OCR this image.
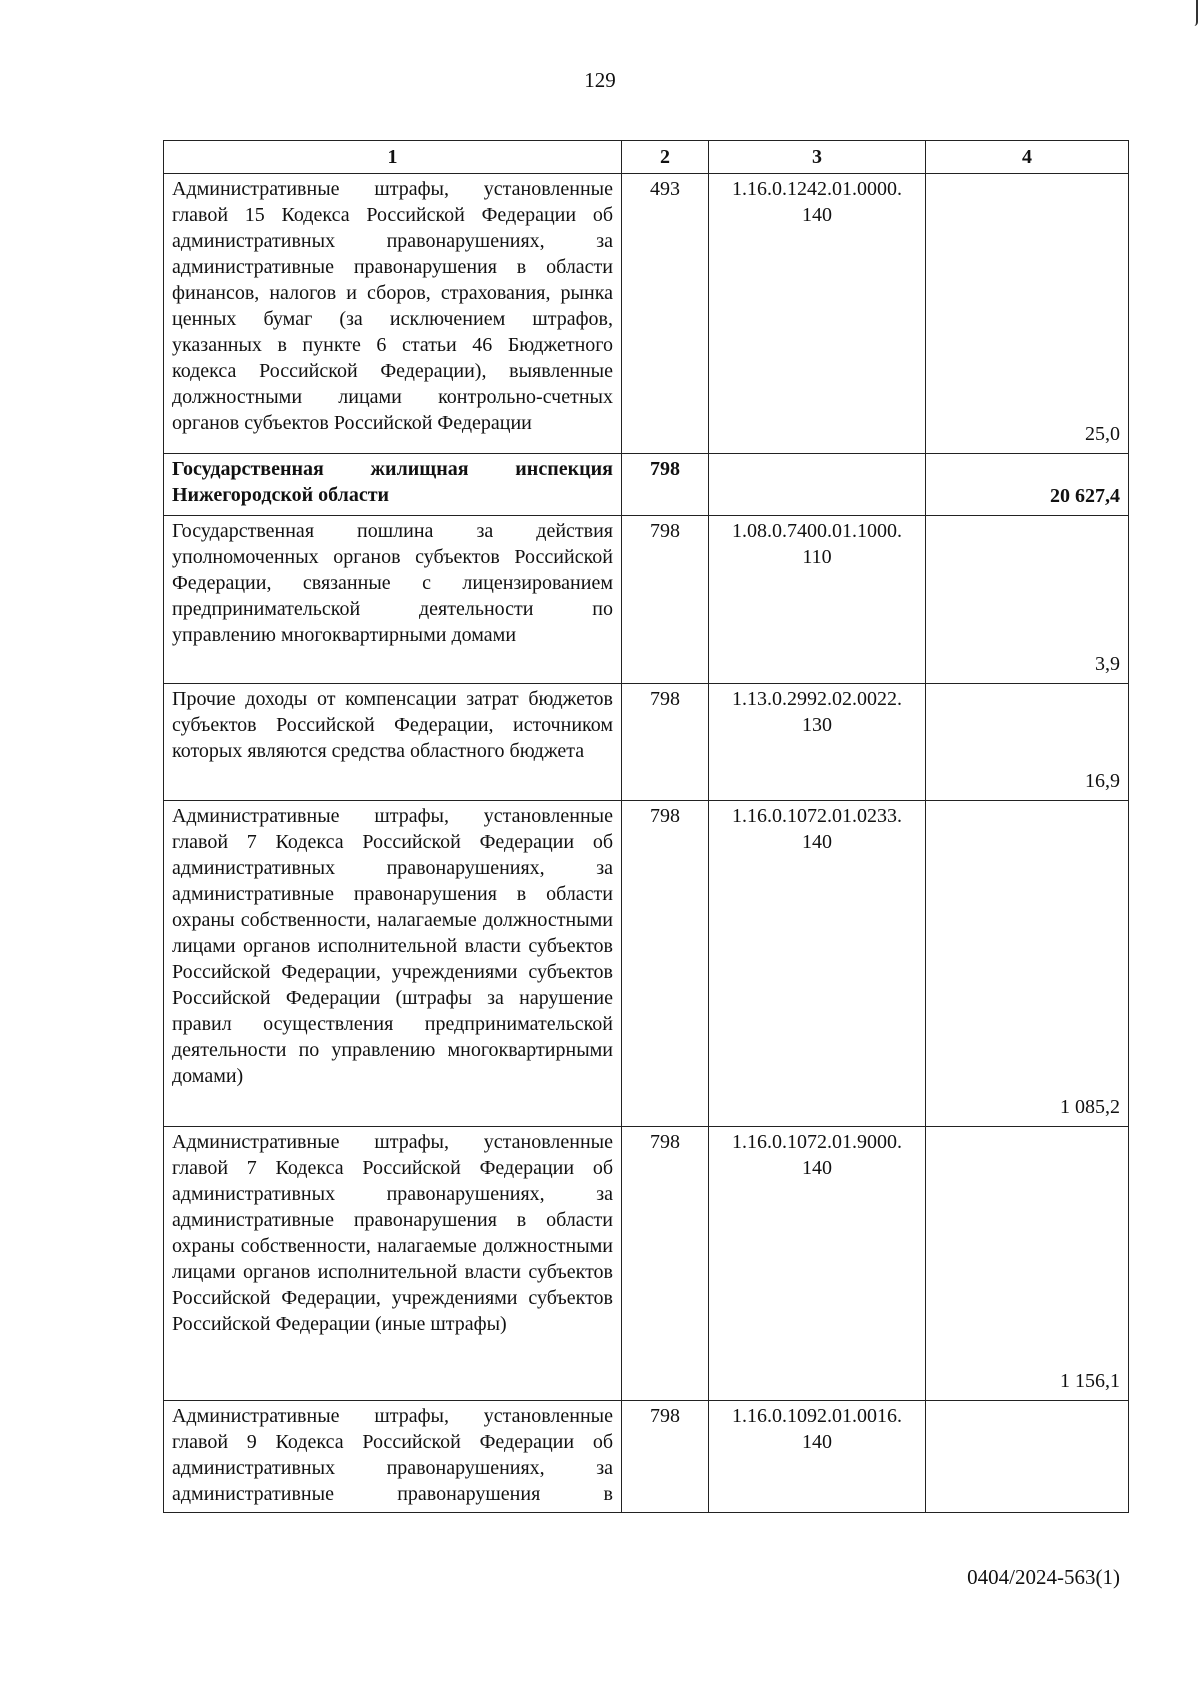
129
1	2	3	4
Административные штрафы, установленные главой 15 Кодекса Российской Федерации об административных правонарушениях, за административные правонарушения в области финансов, налогов и сборов, страхования, рынка ценных бумаг (за исключением штрафов, указанных в пункте 6 статьи 46 Бюджетного кодекса Российской Федерации), выявленные должностными лицами контрольно-счетных органов субъектов Российской Федерации	493	1.16.0.1242.01.0000.
140	25,0
Государственная жилищная инспекция Нижегородской области	798		20 627,4
Государственная пошлина за действия уполномоченных органов субъектов Российской Федерации, связанные с лицензированием предпринимательской деятельности по управлению многоквартирными домами	798	1.08.0.7400.01.1000.
110	3,9
Прочие доходы от компенсации затрат бюджетов субъектов Российской Федерации, источником которых являются средства областного бюджета	798	1.13.0.2992.02.0022.
130	16,9
Административные штрафы, установленные главой 7 Кодекса Российской Федерации об административных правонарушениях, за административные правонарушения в области охраны собственности, налагаемые должностными лицами органов исполнительной власти субъектов Российской Федерации, учреждениями субъектов Российской Федерации (штрафы за нарушение правил осуществления предпринимательской деятельности по управлению многоквартирными домами)	798	1.16.0.1072.01.0233.
140	1 085,2
Административные штрафы, установленные главой 7 Кодекса Российской Федерации об административных правонарушениях, за административные правонарушения в области охраны собственности, налагаемые должностными лицами органов исполнительной власти субъектов Российской Федерации, учреждениями субъектов Российской Федерации (иные штрафы)	798	1.16.0.1072.01.9000.
140	1 156,1
Административные штрафы, установленные главой 9 Кодекса Российской Федерации об административных правонарушениях, за административные правонарушения в	798	1.16.0.1092.01.0016.
140	
0404/2024-563(1)
